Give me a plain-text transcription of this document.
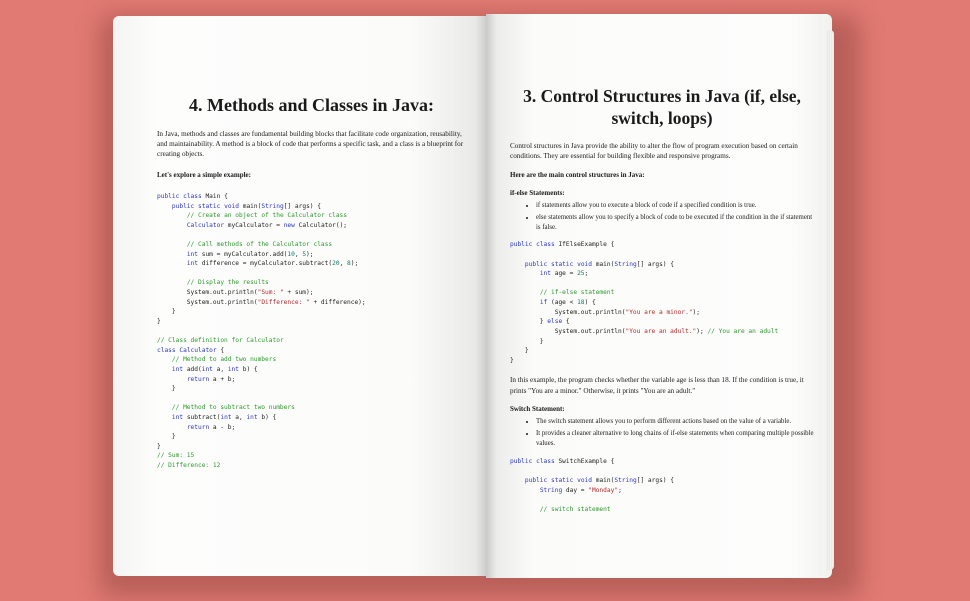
4. Methods and Classes in Java:

In Java, methods and classes are fundamental building blocks that facilitate code organization, reusability, and maintainability. A method is a block of code that performs a specific task, and a class is a blueprint for creating objects.

Let's explore a simple example:

public class Main {
public static void main(String[] args) {
// Create an object of the Calculator class
Calculator myCalculator = new Calculator();

// Call methods of the Calculator class
int sum = myCalculator.add(10, 5);
int difference = myCalculator.subtract(20, 8);

// Display the results
System.out.println("Sum: " + sum);
System.out.println("Difference: " + difference);
}
}

// Class definition for Calculator
class Calculator {
// Method to add two numbers
int add(int a, int b) {
return a + b;
}

// Method to subtract two numbers
int subtract(int a, int b) {
return a - b;
}
}
// Sum: 15
// Difference: 12
3. Control Structures in Java (if, else, switch, loops)

Control structures in Java provide the ability to alter the flow of program execution based on certain conditions. They are essential for building flexible and responsive programs.

Here are the main control structures in Java:

if-else Statements:

• if statements allow you to execute a block of code if a specified condition is true.
• else statements allow you to specify a block of code to be executed if the condition in the if statement is false.
public class IfElseExample {

public static void main(String[] args) {
int age = 25;

// if-else statement
if (age < 18) {
System.out.println("You are a minor.");
} else {
System.out.println("You are an adult."); // You are an adult
}
}
}

In this example, the program checks whether the variable age is less than 18. If the condition is true, it prints "You are a minor." Otherwise, it prints "You are an adult."

Switch Statement:

• The switch statement allows you to perform different actions based on the value of a variable.
• It provides a cleaner alternative to long chains of if-else statements when comparing multiple possible values.
public class SwitchExample {

public static void main(String[] args) {
String day = "Monday";

// switch statement
